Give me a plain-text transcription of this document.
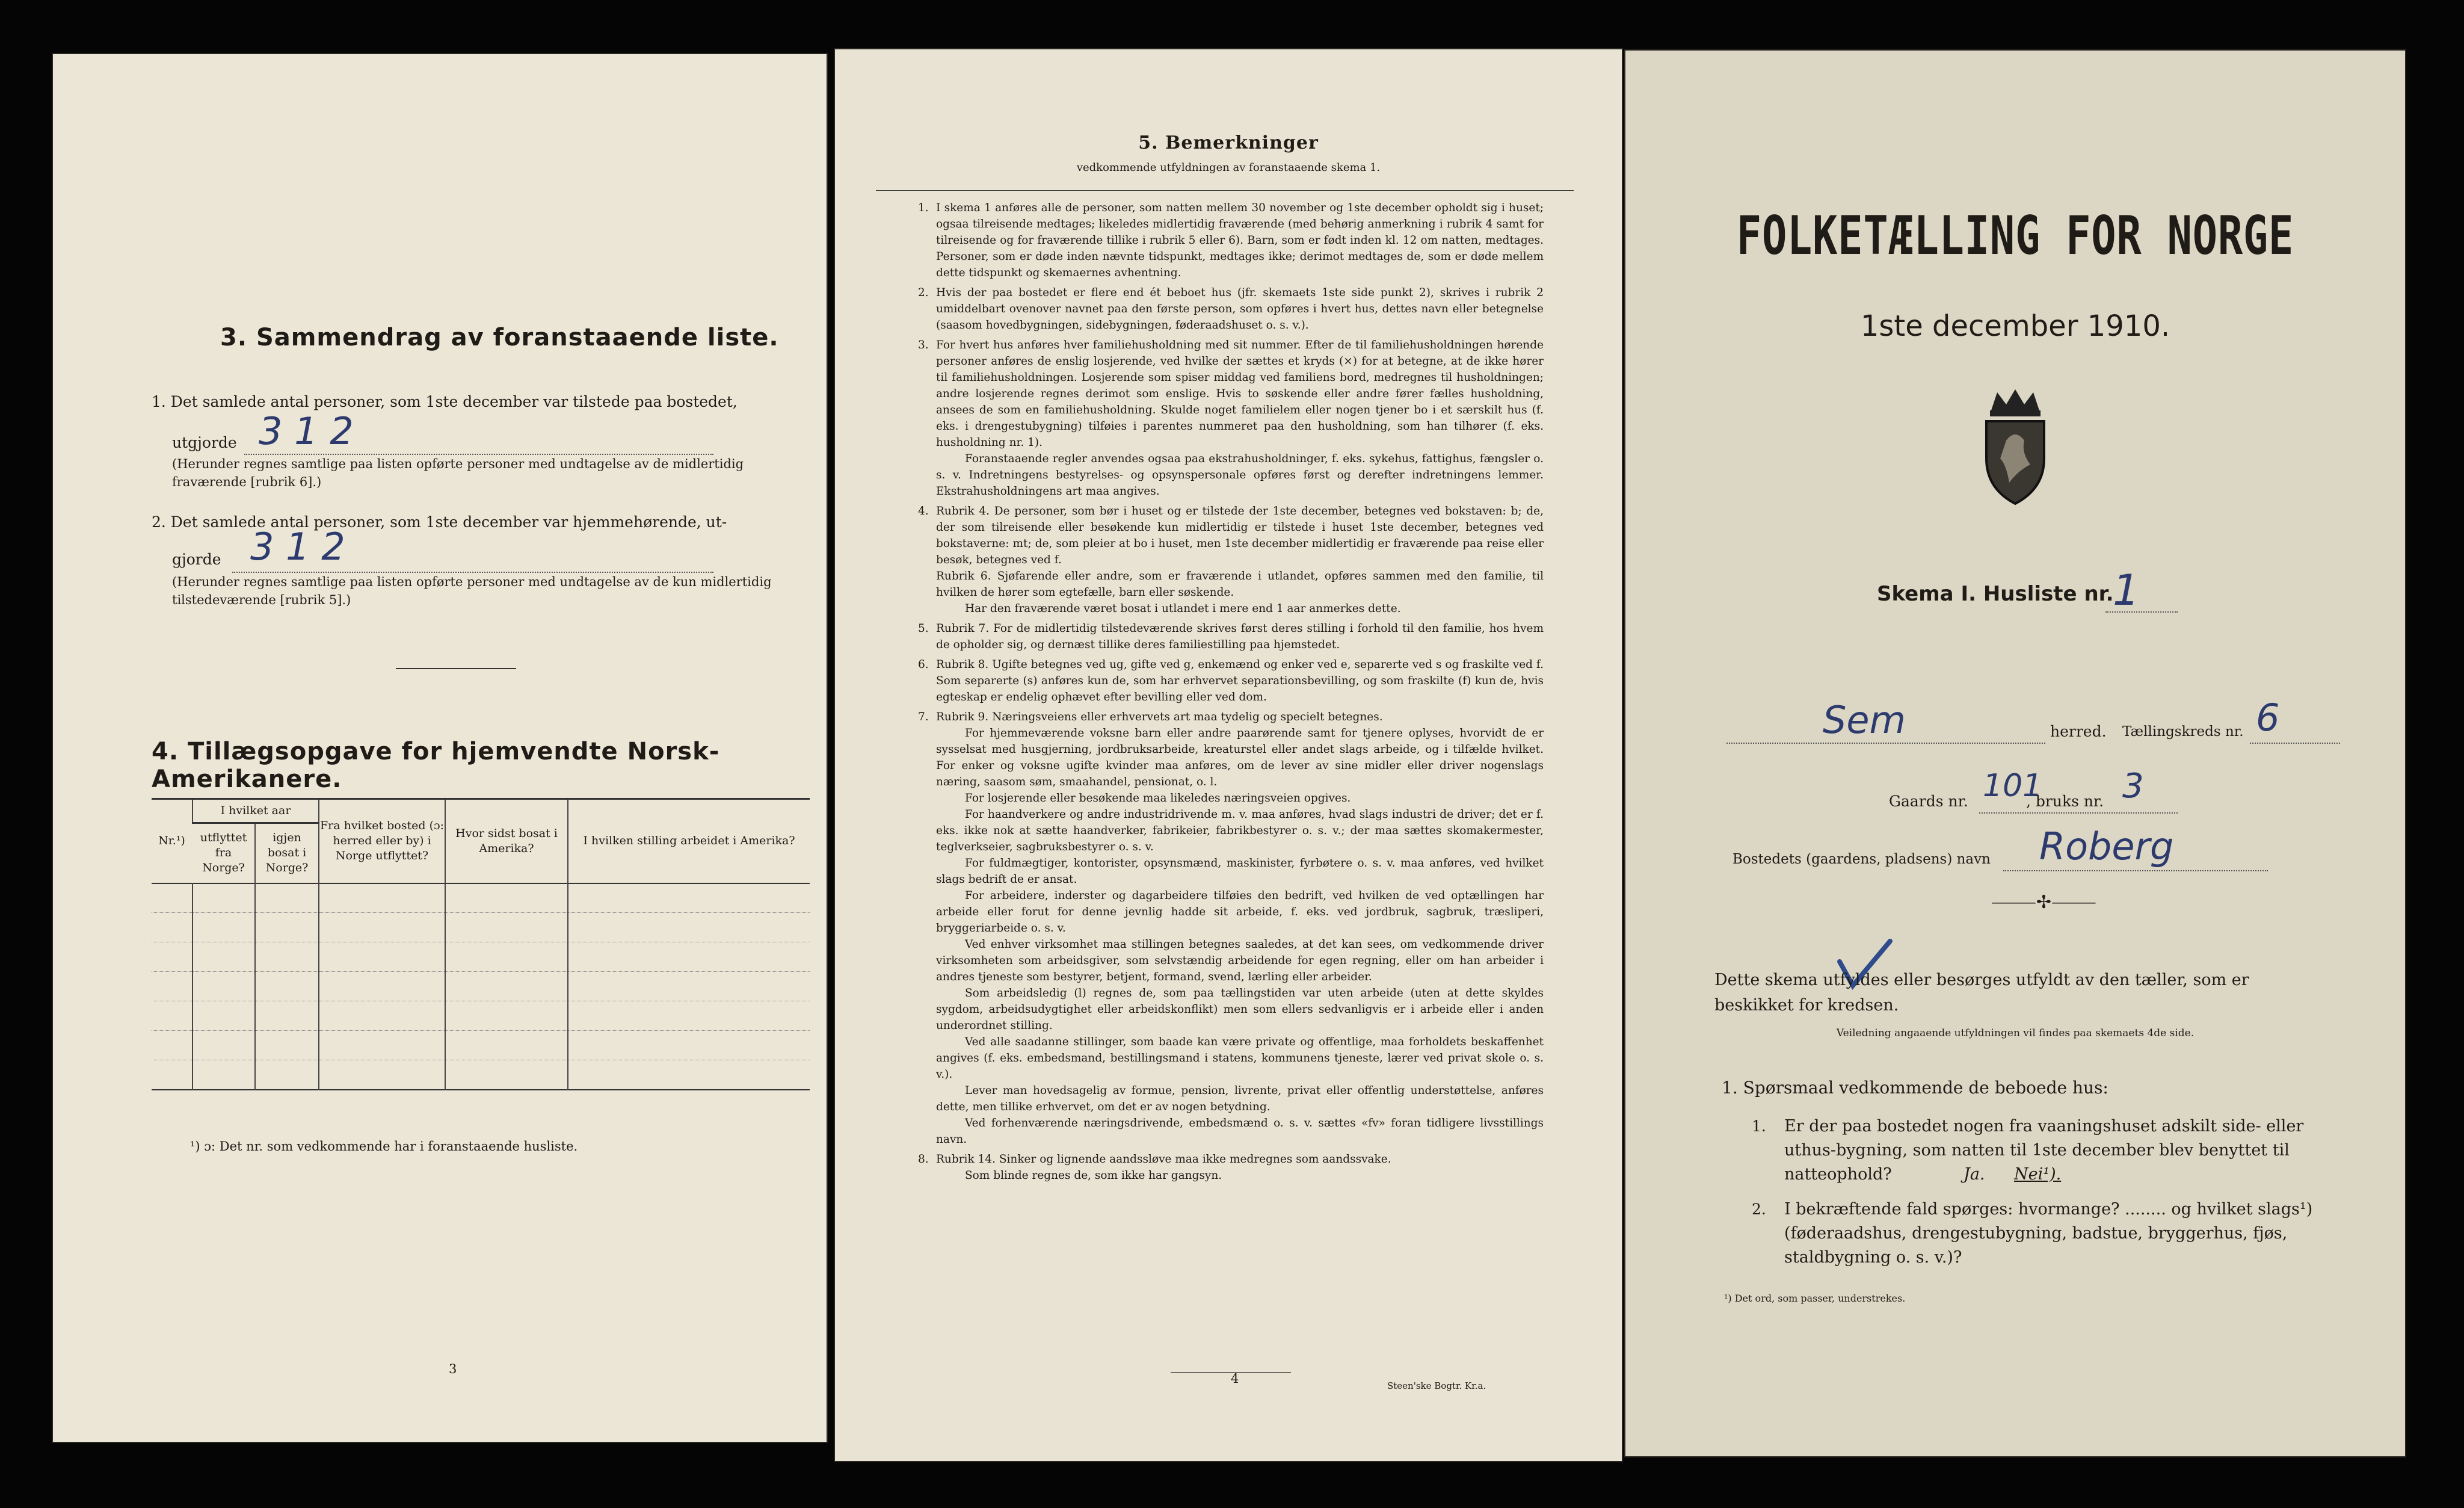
3. Sammendrag av foranstaaende liste.
1. Det samlede antal personer, som 1ste december var tilstede paa bostedet,
utgjorde 3 1 2
(Herunder regnes samtlige paa listen opførte personer med undtagelse av de midlertidig fraværende [rubrik 6].)
2. Det samlede antal personer, som 1ste december var hjemmehørende, ut-
gjorde 3 1 2
(Herunder regnes samtlige paa listen opførte personer med undtagelse av de kun midlertidig tilstedeværende [rubrik 5].)
4. Tillægsopgave for hjemvendte Norsk-Amerikanere.
Nr.¹)	I hvilket aar		Fra hvilket bosted (ɔ: herred eller by) i Norge utflyttet?	Hvor sidst bosat i Amerika?	I hvilken stilling arbeidet i Amerika?
	utflyttet fra Norge?	igjen bosat i Norge?			

¹) ɔ: Det nr. som vedkommende har i foranstaaende husliste.
3
5. Bemerkninger
vedkommende utfyldningen av foranstaaende skema 1.

1. I skema 1 anføres alle de personer, som natten mellem 30 november og 1ste december opholdt sig i huset; ogsaa tilreisende medtages; likeledes midlertidig fraværende (med behørig anmerkning i rubrik 4 samt for tilreisende og for fraværende tillike i rubrik 5 eller 6). Barn, som er født inden kl. 12 om natten, medtages. Personer, som er døde inden nævnte tidspunkt, medtages ikke; derimot medtages de, som er døde mellem dette tidspunkt og skemaernes avhentning.

2. Hvis der paa bostedet er flere end ét beboet hus (jfr. skemaets 1ste side punkt 2), skrives i rubrik 2 umiddelbart ovenover navnet paa den første person, som opføres i hvert hus, dettes navn eller betegnelse (saasom hovedbygningen, sidebygningen, føderaadshuset o. s. v.).

3. For hvert hus anføres hver familiehusholdning med sit nummer. Efter de til familiehusholdningen hørende personer anføres de enslig losjerende, ved hvilke der sættes et kryds (×) for at betegne, at de ikke hører til familiehusholdningen. Losjerende som spiser middag ved familiens bord, medregnes til husholdningen; andre losjerende regnes derimot som enslige. Hvis to søskende eller andre fører fælles husholdning, ansees de som en familiehusholdning. Skulde noget familielem eller nogen tjener bo i et særskilt hus (f. eks. i drengestubygning) tilføies i parentes nummeret paa den husholdning, som han tilhører (f. eks. husholdning nr. 1).

Foranstaaende regler anvendes ogsaa paa ekstrahusholdninger, f. eks. sykehus, fattighus, fængsler o. s. v. Indretningens bestyrelses- og opsynspersonale opføres først og derefter indretningens lemmer. Ekstrahusholdningens art maa angives.

4. Rubrik 4. De personer, som bør i huset og er tilstede der 1ste december, betegnes ved bokstaven: b; de, der som tilreisende eller besøkende kun midlertidig er tilstede i huset 1ste december, betegnes ved bokstaverne: mt; de, som pleier at bo i huset, men 1ste december midlertidig er fraværende paa reise eller besøk, betegnes ved f.

Rubrik 6. Sjøfarende eller andre, som er fraværende i utlandet, opføres sammen med den familie, til hvilken de hører som egtefælle, barn eller søskende.

Har den fraværende været bosat i utlandet i mere end 1 aar anmerkes dette.

5. Rubrik 7. For de midlertidig tilstedeværende skrives først deres stilling i forhold til den familie, hos hvem de opholder sig, og dernæst tillike deres familiestilling paa hjemstedet.

6. Rubrik 8. Ugifte betegnes ved ug, gifte ved g, enkemænd og enker ved e, separerte ved s og fraskilte ved f. Som separerte (s) anføres kun de, som har erhvervet separationsbevilling, og som fraskilte (f) kun de, hvis egteskap er endelig ophævet efter bevilling eller ved dom.

7. Rubrik 9. Næringsveiens eller erhvervets art maa tydelig og specielt betegnes.

For hjemmeværende voksne barn eller andre paarørende samt for tjenere oplyses, hvorvidt de er sysselsat med husgjerning, jordbruksarbeide, kreaturstel eller andet slags arbeide, og i tilfælde hvilket. For enker og voksne ugifte kvinder maa anføres, om de lever av sine midler eller driver nogenslags næring, saasom søm, smaahandel, pensionat, o. l.

For losjerende eller besøkende maa likeledes næringsveien opgives.

For haandverkere og andre industridrivende m. v. maa anføres, hvad slags industri de driver; det er f. eks. ikke nok at sætte haandverker, fabrikeier, fabrikbestyrer o. s. v.; der maa sættes skomakermester, teglverkseier, sagbruksbestyrer o. s. v.

For fuldmægtiger, kontorister, opsynsmænd, maskinister, fyrbøtere o. s. v. maa anføres, ved hvilket slags bedrift de er ansat.

For arbeidere, inderster og dagarbeidere tilføies den bedrift, ved hvilken de ved optællingen har arbeide eller forut for denne jevnlig hadde sit arbeide, f. eks. ved jordbruk, sagbruk, træsliperi, bryggeriarbeide o. s. v.

Ved enhver virksomhet maa stillingen betegnes saaledes, at det kan sees, om vedkommende driver virksomheten som arbeidsgiver, som selvstændig arbeidende for egen regning, eller om han arbeider i andres tjeneste som bestyrer, betjent, formand, svend, lærling eller arbeider.

Som arbeidsledig (l) regnes de, som paa tællingstiden var uten arbeide (uten at dette skyldes sygdom, arbeidsudygtighet eller arbeidskonflikt) men som ellers sedvanligvis er i arbeide eller i anden underordnet stilling.

Ved alle saadanne stillinger, som baade kan være private og offentlige, maa forholdets beskaffenhet angives (f. eks. embedsmand, bestillingsmand i statens, kommunens tjeneste, lærer ved privat skole o. s. v.).

Lever man hovedsagelig av formue, pension, livrente, privat eller offentlig understøttelse, anføres dette, men tillike erhvervet, om det er av nogen betydning.

Ved forhenværende næringsdrivende, embedsmænd o. s. v. sættes «fv» foran tidligere livsstillings navn.

8. Rubrik 14. Sinker og lignende aandssløve maa ikke medregnes som aandssvake.

Som blinde regnes de, som ikke har gangsyn.

4	Steen'ske Bogtr. Kr.a.
FOLKETÆLLING FOR NORGE
1ste december 1910.
Skema I. Husliste nr.
1
Sem	herred. Tællingskreds nr. 6
Gaards nr. 101
, bruks nr. 3
Bostedets (gaardens, pladsens) navn Roberg
⸻✢⸻
Dette skema utfyldes eller besørges utfyldt av den tæller, som er beskikket for kredsen.
Veiledning angaaende utfyldningen vil findes paa skemaets 4de side.
1. Spørsmaal vedkommende de beboede hus:
1. Er der paa bostedet nogen fra vaaningshuset adskilt side- eller uthus-bygning, som natten til 1ste december blev benyttet til natteophold?	Ja. Nei¹).
2. I bekræftende fald spørges: hvormange? ........ og hvilket slags¹) (føderaadshus, drengestubygning, badstue, bryggerhus, fjøs, staldbygning o. s. v.)?
¹) Det ord, som passer, understrekes.
